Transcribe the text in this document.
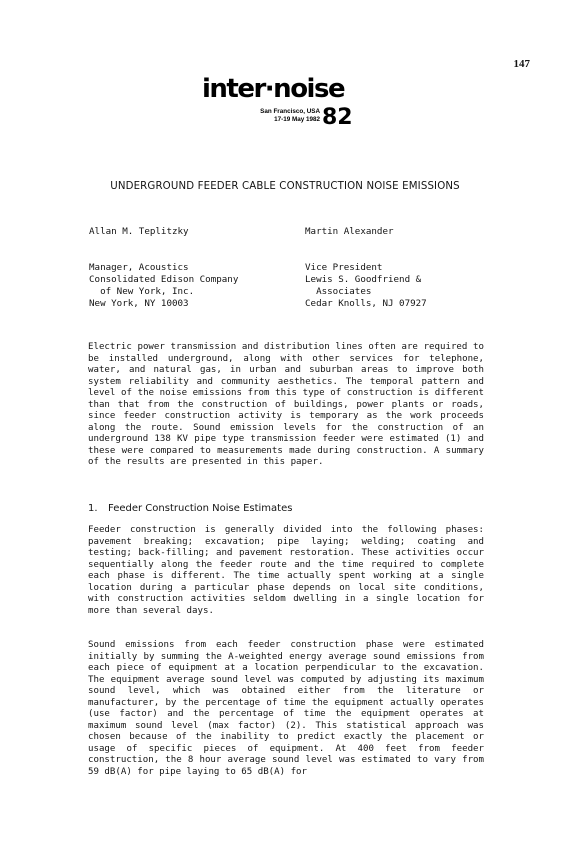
147
inter·noise
San Francisco, USA
17-19 May 1982 82
UNDERGROUND FEEDER CABLE CONSTRUCTION NOISE EMISSIONS
Allan M. Teplitzky	Martin Alexander
Manager, Acoustics
Consolidated Edison Company
of New York, Inc.
New York, NY 10003
Vice President
Lewis S. Goodfriend &
Associates
Cedar Knolls, NJ 07927
Electric power transmission and distribution lines often are required to be installed underground, along with other services for telephone, water, and natural gas, in urban and suburban areas to improve both system reliability and community aesthetics. The temporal pattern and level of the noise emissions from this type of construction is different than that from the construction of buildings, power plants or roads, since feeder construction activity is temporary as the work proceeds along the route. Sound emission levels for the construction of an underground 138 KV pipe type transmission feeder were estimated (1) and these were compared to measurements made during construction. A summary of the results are presented in this paper.
1. Feeder Construction Noise Estimates
Feeder construction is generally divided into the following phases: pavement breaking; excavation; pipe laying; welding; coating and testing; back-filling; and pavement restoration. These activities occur sequentially along the feeder route and the time required to complete each phase is different. The time actually spent working at a single location during a particular phase depends on local site conditions, with construction activities seldom dwelling in a single location for more than several days.
Sound emissions from each feeder construction phase were estimated initially by summing the A-weighted energy average sound emissions from each piece of equipment at a location perpendicular to the excavation. The equipment average sound level was computed by adjusting its maximum sound level, which was obtained either from the literature or manufacturer, by the percentage of time the equipment actually operates (use factor) and the percentage of time the equipment operates at maximum sound level (max factor) (2). This statistical approach was chosen because of the inability to predict exactly the placement or usage of specific pieces of equipment. At 400 feet from feeder construction, the 8 hour average sound level was estimated to vary from 59 dB(A) for pipe laying to 65 dB(A) for
